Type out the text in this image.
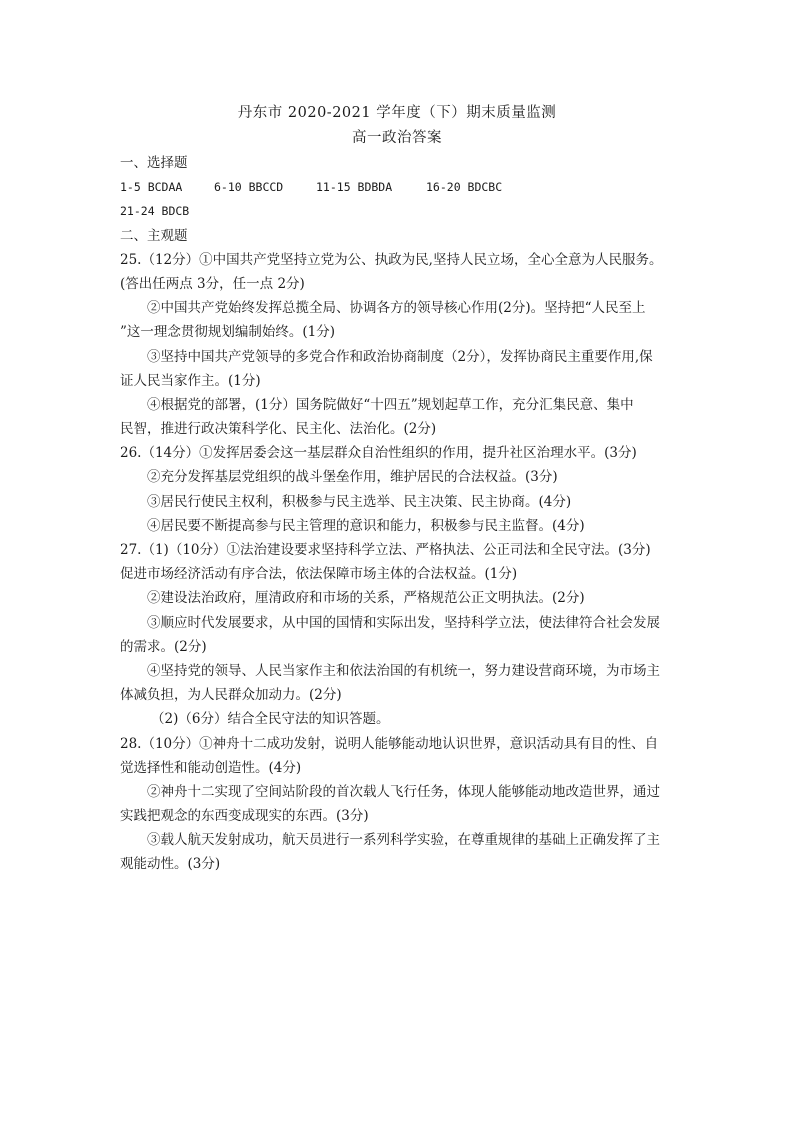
丹东市 2020-2021 学年度（下）期末质量监测
高一政治答案
一、选择题
1-5 BCDAA	6-10 BBCCD	11-15 BDBDA	16-20 BDCBC
21-24 BDCB
二、主观题
25.（12分）①中国共产党坚持立党为公、执政为民,坚持人民立场，全心全意为人民服务。
(答出任两点 3分，任一点 2分)
②中国共产党始终发挥总揽全局、协调各方的领导核心作用(2分)。坚持把“人民至上
”这一理念贯彻规划编制始终。(1分)
③坚持中国共产党领导的多党合作和政治协商制度（2分），发挥协商民主重要作用,保
证人民当家作主。(1分)
④根据党的部署，(1分）国务院做好“十四五”规划起草工作，充分汇集民意、集中
民智，推进行政决策科学化、民主化、法治化。(2分)
26.（14分）①发挥居委会这一基层群众自治性组织的作用，提升社区治理水平。(3分)
②充分发挥基层党组织的战斗堡垒作用，维护居民的合法权益。(3分)
③居民行使民主权利，积极参与民主选举、民主决策、民主协商。(4分)
④居民要不断提高参与民主管理的意识和能力，积极参与民主监督。(4分)
27.（1)（10分）①法治建设要求坚持科学立法、严格执法、公正司法和全民守法。(3分)
促进市场经济活动有序合法，依法保障市场主体的合法权益。(1分)
②建设法治政府，厘清政府和市场的关系，严格规范公正文明执法。(2分)
③顺应时代发展要求，从中国的国情和实际出发，坚持科学立法，使法律符合社会发展
的需求。(2分)
④坚持党的领导、人民当家作主和依法治国的有机统一，努力建设营商环境，为市场主
体减负担，为人民群众加动力。(2分)
（2)（6分）结合全民守法的知识答题。
28.（10分）①神舟十二成功发射，说明人能够能动地认识世界，意识活动具有目的性、自
觉选择性和能动创造性。(4分)
②神舟十二实现了空间站阶段的首次载人飞行任务，体现人能够能动地改造世界，通过
实践把观念的东西变成现实的东西。(3分)
③载人航天发射成功，航天员进行一系列科学实验，在尊重规律的基础上正确发挥了主
观能动性。(3分)
